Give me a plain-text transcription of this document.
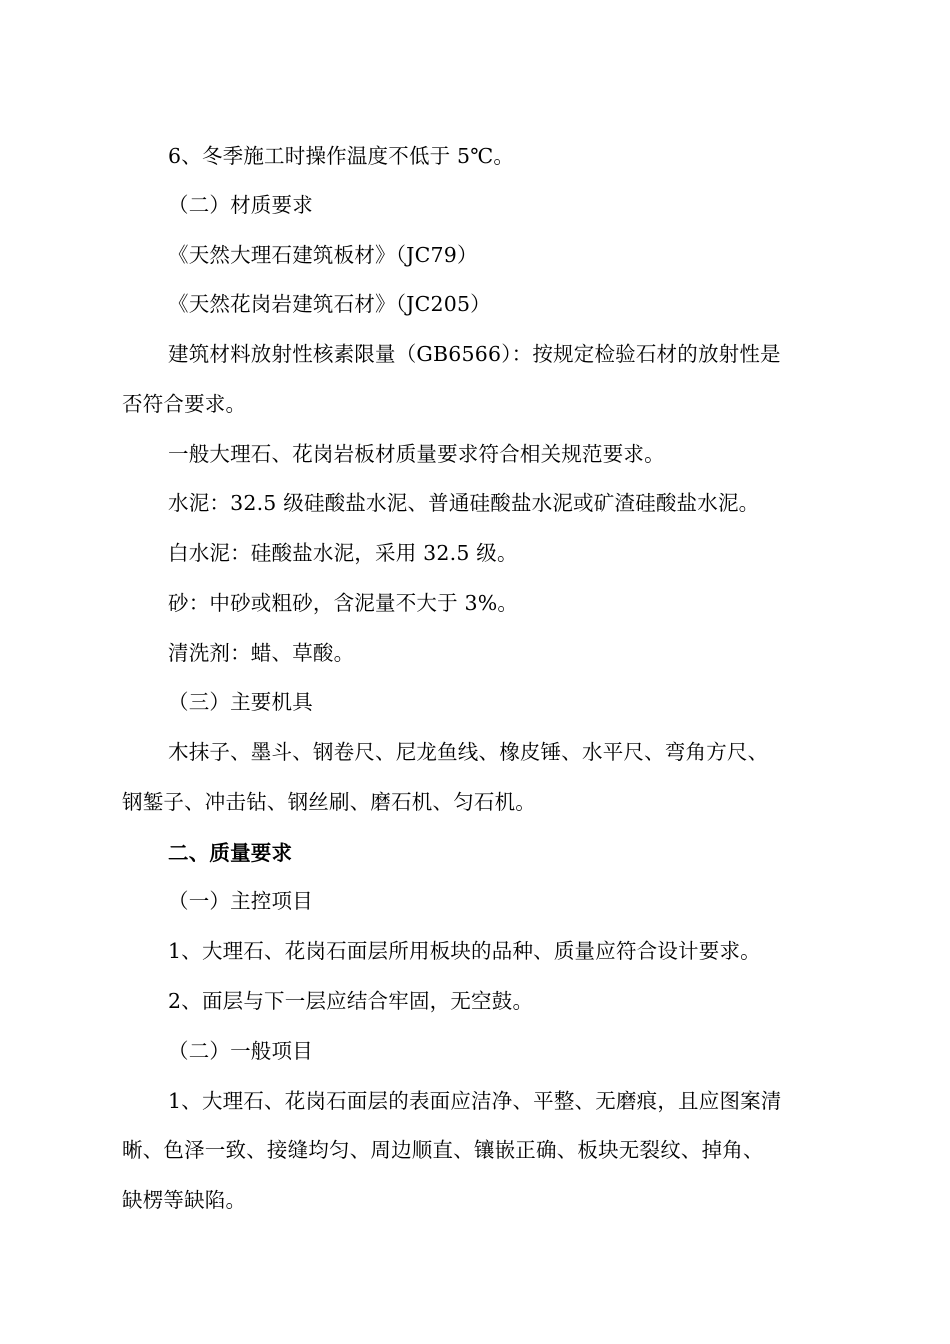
6、冬季施工时操作温度不低于 5℃。
（二）材质要求
《天然大理石建筑板材》（JC79）
《天然花岗岩建筑石材》（JC205）
建筑材料放射性核素限量（GB6566）：按规定检验石材的放射性是
否符合要求。
一般大理石、花岗岩板材质量要求符合相关规范要求。
水泥：32.5 级硅酸盐水泥、普通硅酸盐水泥或矿渣硅酸盐水泥。
白水泥：硅酸盐水泥，采用 32.5 级。
砂：中砂或粗砂，含泥量不大于 3%。
清洗剂：蜡、草酸。
（三）主要机具
木抹子、墨斗、钢卷尺、尼龙鱼线、橡皮锤、水平尺、弯角方尺、
钢錾子、冲击钻、钢丝刷、磨石机、匀石机。
二、质量要求
（一）主控项目
1、大理石、花岗石面层所用板块的品种、质量应符合设计要求。
2、面层与下一层应结合牢固，无空鼓。
（二）一般项目
1、大理石、花岗石面层的表面应洁净、平整、无磨痕，且应图案清
晰、色泽一致、接缝均匀、周边顺直、镶嵌正确、板块无裂纹、掉角、
缺楞等缺陷。
